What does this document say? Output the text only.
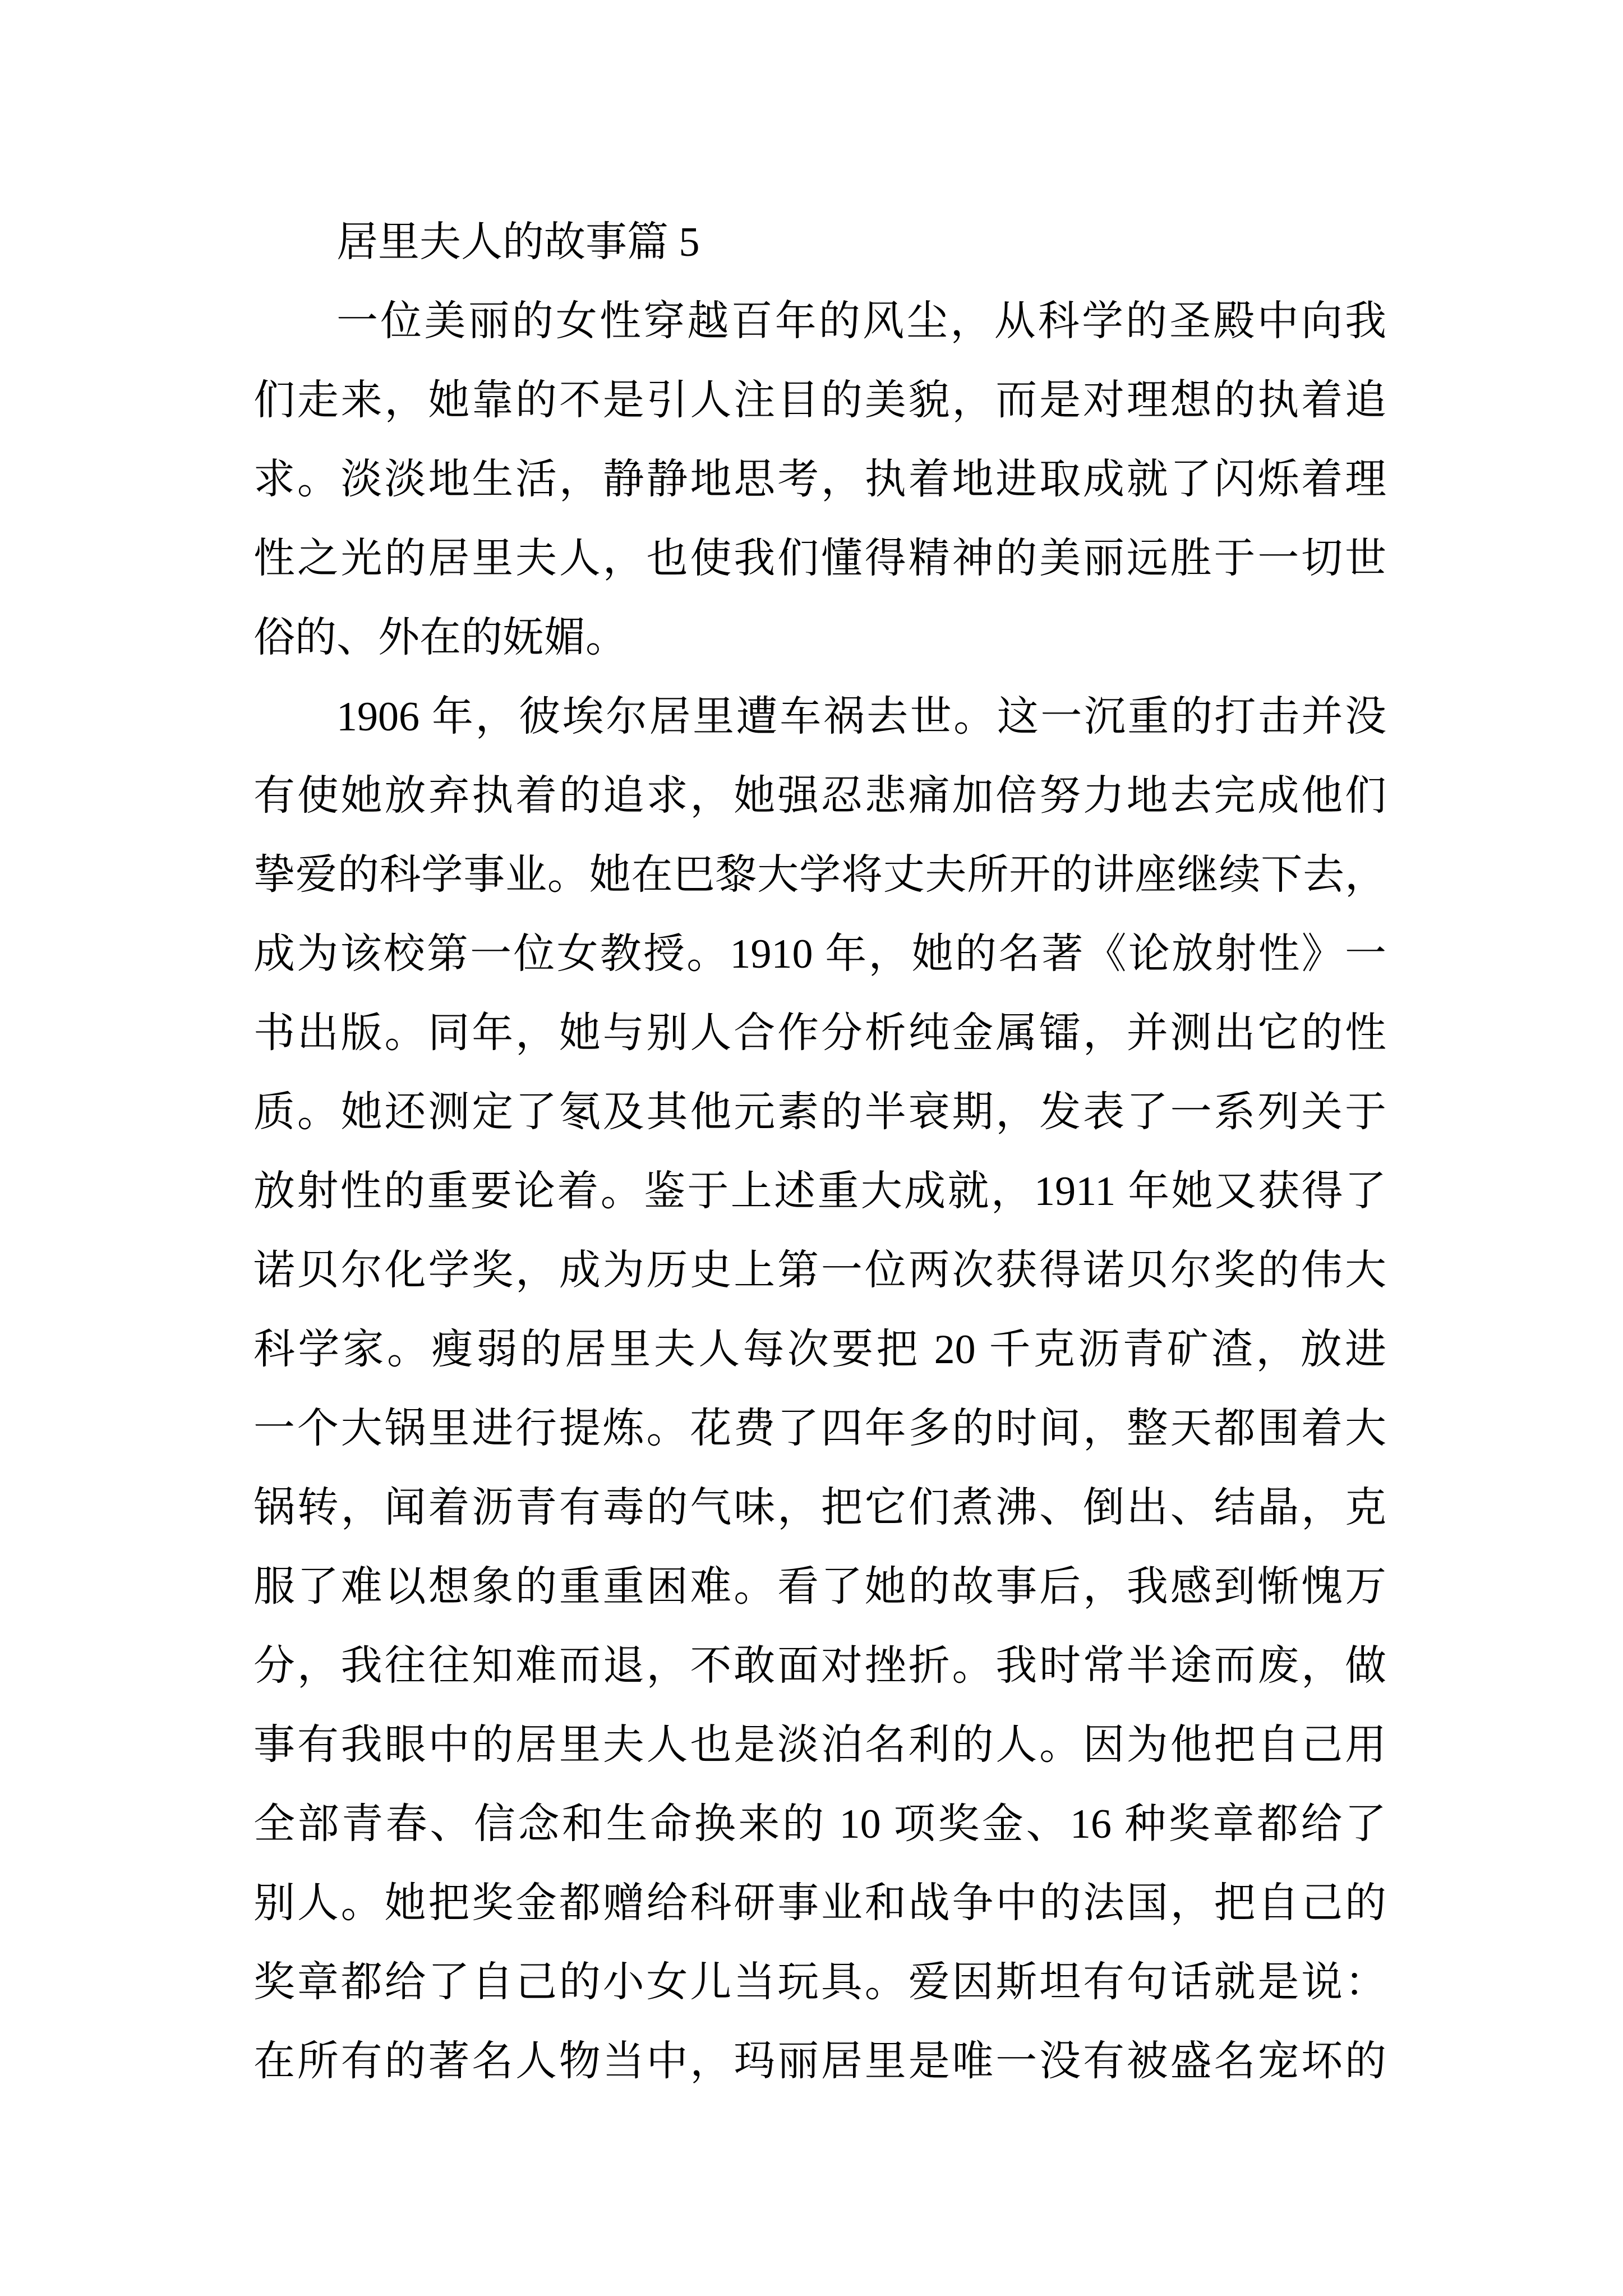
居里夫人的故事篇 5
一位美丽的女性穿越百年的风尘，从科学的圣殿中向我
们走来，她靠的不是引人注目的美貌，而是对理想的执着追
求。淡淡地生活，静静地思考，执着地进取成就了闪烁着理
性之光的居里夫人，也使我们懂得精神的美丽远胜于一切世
俗的、外在的妩媚。
1906 年，彼埃尔居里遭车祸去世。这一沉重的打击并没
有使她放弃执着的追求，她强忍悲痛加倍努力地去完成他们
挚爱的科学事业。她在巴黎大学将丈夫所开的讲座继续下去，
成为该校第一位女教授。1910 年，她的名著《论放射性》一
书出版。同年，她与别人合作分析纯金属镭，并测出它的性
质。她还测定了氡及其他元素的半衰期，发表了一系列关于
放射性的重要论着。鉴于上述重大成就，1911 年她又获得了
诺贝尔化学奖，成为历史上第一位两次获得诺贝尔奖的伟大
科学家。瘦弱的居里夫人每次要把 20 千克沥青矿渣，放进
一个大锅里进行提炼。花费了四年多的时间，整天都围着大
锅转，闻着沥青有毒的气味，把它们煮沸、倒出、结晶，克
服了难以想象的重重困难。看了她的故事后，我感到惭愧万
分，我往往知难而退，不敢面对挫折。我时常半途而废，做
事有我眼中的居里夫人也是淡泊名利的人。因为他把自己用
全部青春、信念和生命换来的 10 项奖金、16 种奖章都给了
别人。她把奖金都赠给科研事业和战争中的法国，把自己的
奖章都给了自己的小女儿当玩具。爱因斯坦有句话就是说：
在所有的著名人物当中，玛丽居里是唯一没有被盛名宠坏的
